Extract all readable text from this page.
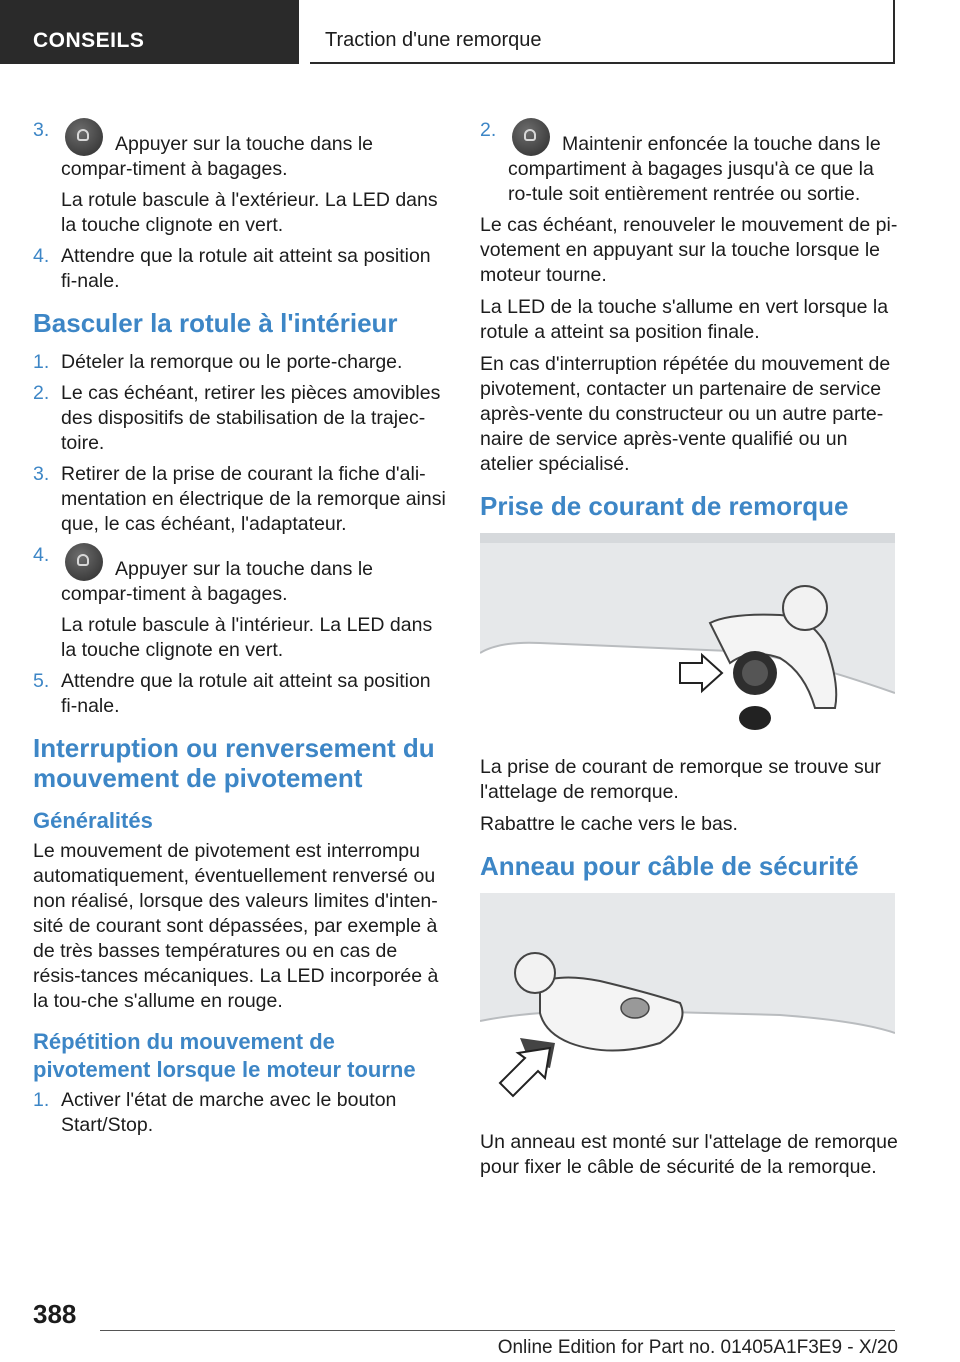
CONSEILS	Traction d'une remorque
3.
Appuyer sur la touche dans le compar-timent à bagages.
La rotule bascule à l'extérieur. La LED dans la touche clignote en vert.
4. Attendre que la rotule ait atteint sa position fi-nale.
Basculer la rotule à l'intérieur
1. Dételer la remorque ou le porte‑charge.
2. Le cas échéant, retirer les pièces amovibles des dispositifs de stabilisation de la trajec-toire.
3. Retirer de la prise de courant la fiche d'ali-mentation en électrique de la remorque ainsi que, le cas échéant, l'adaptateur.
4.
Appuyer sur la touche dans le compar-timent à bagages.
La rotule bascule à l'intérieur. La LED dans la touche clignote en vert.
5. Attendre que la rotule ait atteint sa position fi-nale.
Interruption ou renversement du mouvement de pivotement
Généralités

Le mouvement de pivotement est interrompu automatiquement, éventuellement renversé ou non réalisé, lorsque des valeurs limites d'inten-sité de courant sont dépassées, par exemple à de très basses températures ou en cas de résis-tances mécaniques. La LED incorporée à la tou-che s'allume en rouge.

Répétition du mouvement de pivotement lorsque le moteur tourne
1. Activer l'état de marche avec le bouton Start/Stop.
2.
Maintenir enfoncée la touche dans le compartiment à bagages jusqu'à ce que la ro-tule soit entièrement rentrée ou sortie.

Le cas échéant, renouveler le mouvement de pi-votement en appuyant sur la touche lorsque le moteur tourne.

La LED de la touche s'allume en vert lorsque la rotule a atteint sa position finale.

En cas d'interruption répétée du mouvement de pivotement, contacter un partenaire de service après-vente du constructeur ou un autre parte-naire de service après-vente qualifié ou un atelier spécialisé.

Prise de courant de remorque

La prise de courant de remorque se trouve sur l'attelage de remorque.

Rabattre le cache vers le bas.

Anneau pour câble de sécurité

Un anneau est monté sur l'attelage de remorque pour fixer le câble de sécurité de la remorque.

388
Online Edition for Part no. 01405A1F3E9 - X/20
